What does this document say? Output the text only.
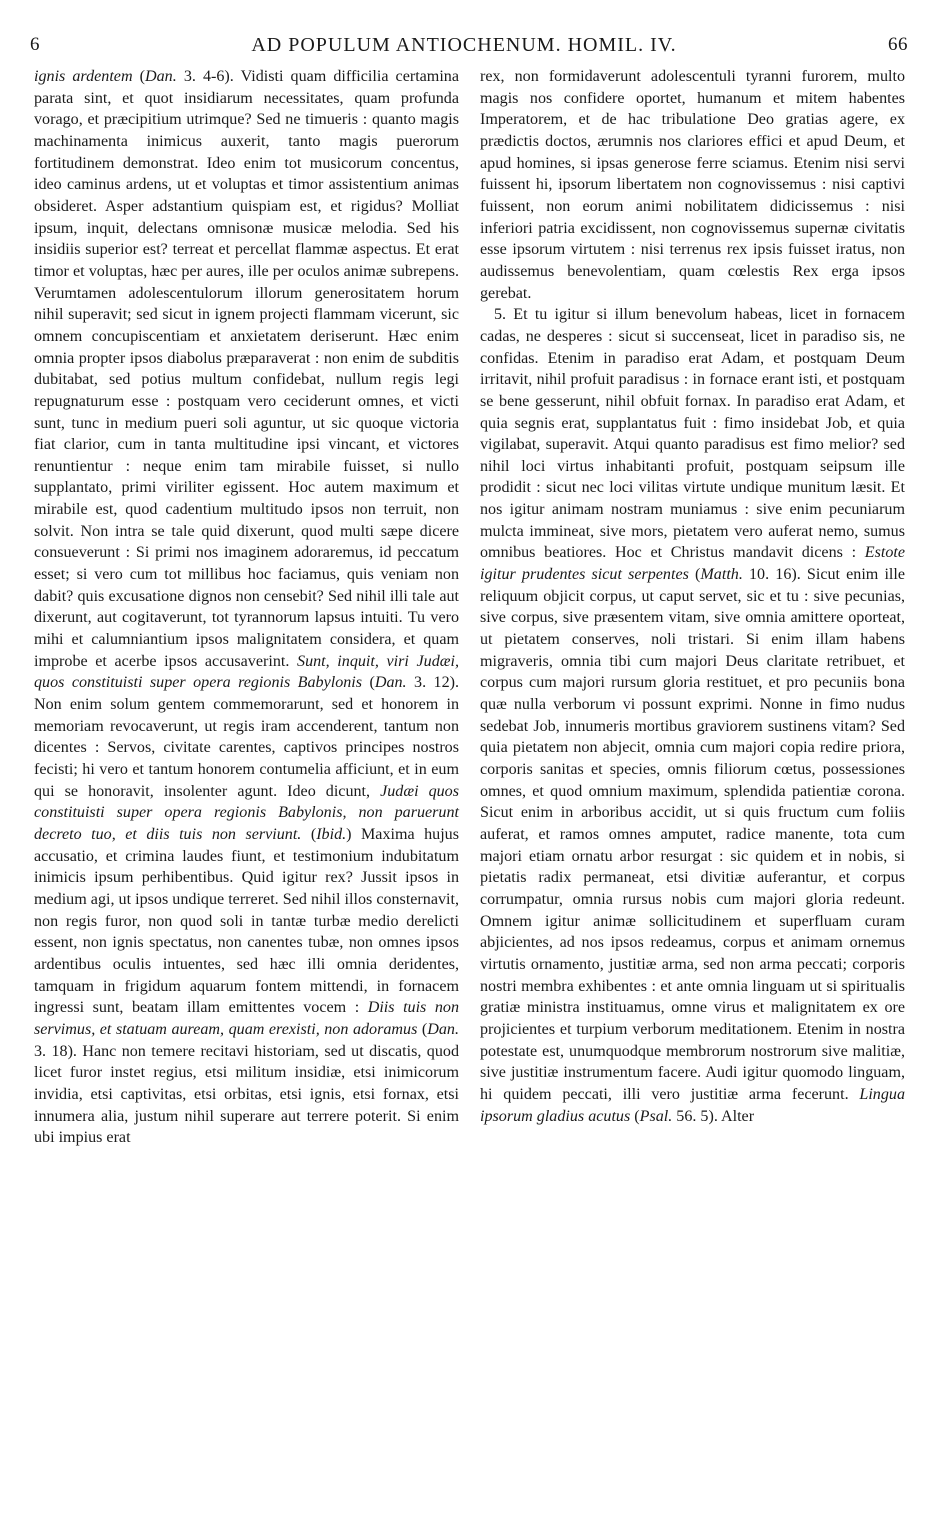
6	AD POPULUM ANTIOCHENUM. HOMIL. IV.	66

ignis ardentem (Dan. 3. 4-6). Vidisti quam difficilia certamina parata sint, et quot insidiarum necessitates, quam profunda vorago, et præcipitium utrimque? Sed ne timueris : quanto magis machinamenta inimicus auxerit, tanto magis puerorum fortitudinem demonstrat. Ideo enim tot musicorum concentus, ideo caminus ardens, ut et voluptas et timor assistentium animas obsideret. Asper adstantium quispiam est, et rigidus? Molliat ipsum, inquit, delectans omnisonæ musicæ melodia. Sed his insidiis superior est? terreat et percellat flammæ aspectus. Et erat timor et voluptas, hæc per aures, ille per oculos animæ subrepens. Verumtamen adolescentulorum illorum generositatem horum nihil superavit; sed sicut in ignem projecti flammam vicerunt, sic omnem concupiscentiam et anxietatem deriserunt. Hæc enim omnia propter ipsos diabolus præparaverat : non enim de subditis dubitabat, sed potius multum confidebat, nullum regis legi repugnaturum esse : postquam vero ceciderunt omnes, et victi sunt, tunc in medium pueri soli aguntur, ut sic quoque victoria fiat clarior, cum in tanta multitudine ipsi vincant, et victores renuntientur : neque enim tam mirabile fuisset, si nullo supplantato, primi viriliter egissent. Hoc autem maximum et mirabile est, quod cadentium multitudo ipsos non terruit, non solvit. Non intra se tale quid dixerunt, quod multi sæpe dicere consueverunt : Si primi nos imaginem adoraremus, id peccatum esset; si vero cum tot millibus hoc faciamus, quis veniam non dabit? quis excusatione dignos non censebit? Sed nihil illi tale aut dixerunt, aut cogitaverunt, tot tyrannorum lapsus intuiti. Tu vero mihi et calumniantium ipsos malignitatem considera, et quam improbe et acerbe ipsos accusaverint. Sunt, inquit, viri Judæi, quos constituisti super opera regionis Babylonis (Dan. 3. 12). Non enim solum gentem commemorarunt, sed et honorem in memoriam revocaverunt, ut regis iram accenderent, tantum non dicentes : Servos, civitate carentes, captivos principes nostros fecisti; hi vero et tantum honorem contumelia afficiunt, et in eum qui se honoravit, insolenter agunt. Ideo dicunt, Judæi quos constituisti super opera regionis Babylonis, non paruerunt decreto tuo, et diis tuis non serviunt. (Ibid.) Maxima hujus accusatio, et crimina laudes fiunt, et testimonium indubitatum inimicis ipsum perhibentibus. Quid igitur rex? Jussit ipsos in medium agi, ut ipsos undique terreret. Sed nihil illos consternavit, non regis furor, non quod soli in tantæ turbæ medio derelicti essent, non ignis spectatus, non canentes tubæ, non omnes ipsos ardentibus oculis intuentes, sed hæc illi omnia deridentes, tamquam in frigidum aquarum fontem mittendi, in fornacem ingressi sunt, beatam illam emittentes vocem : Diis tuis non servimus, et statuam auream, quam erexisti, non adoramus (Dan. 3. 18). Hanc non temere recitavi historiam, sed ut discatis, quod licet furor instet regius, etsi militum insidiæ, etsi inimicorum invidia, etsi captivitas, etsi orbitas, etsi ignis, etsi fornax, etsi innumera alia, justum nihil superare aut terrere poterit. Si enim ubi impius erat

rex, non formidaverunt adolescentuli tyranni furorem, multo magis nos confidere oportet, humanum et mitem habentes Imperatorem, et de hac tribulatione Deo gratias agere, ex prædictis doctos, ærumnis nos clariores effici et apud Deum, et apud homines, si ipsas generose ferre sciamus. Etenim nisi servi fuissent hi, ipsorum libertatem non cognovissemus : nisi captivi fuissent, non eorum animi nobilitatem didicissemus : nisi inferiori patria excidissent, non cognovissemus supernæ civitatis esse ipsorum virtutem : nisi terrenus rex ipsis fuisset iratus, non audissemus benevolentiam, quam cœlestis Rex erga ipsos gerebat.

5. Et tu igitur si illum benevolum habeas, licet in fornacem cadas, ne desperes : sicut si succenseat, licet in paradiso sis, ne confidas. Etenim in paradiso erat Adam, et postquam Deum irritavit, nihil profuit paradisus : in fornace erant isti, et postquam se bene gesserunt, nihil obfuit fornax. In paradiso erat Adam, et quia segnis erat, supplantatus fuit : fimo insidebat Job, et quia vigilabat, superavit. Atqui quanto paradisus est fimo melior? sed nihil loci virtus inhabitanti profuit, postquam seipsum ille prodidit : sicut nec loci vilitas virtute undique munitum læsit. Et nos igitur animam nostram muniamus : sive enim pecuniarum mulcta immineat, sive mors, pietatem vero auferat nemo, sumus omnibus beatiores. Hoc et Christus mandavit dicens : Estote igitur prudentes sicut serpentes (Matth. 10. 16). Sicut enim ille reliquum objicit corpus, ut caput servet, sic et tu : sive pecunias, sive corpus, sive præsentem vitam, sive omnia amittere oporteat, ut pietatem conserves, noli tristari. Si enim illam habens migraveris, omnia tibi cum majori Deus claritate retribuet, et corpus cum majori rursum gloria restituet, et pro pecuniis bona quæ nulla verborum vi possunt exprimi. Nonne in fimo nudus sedebat Job, innumeris mortibus graviorem sustinens vitam? Sed quia pietatem non abjecit, omnia cum majori copia redire priora, corporis sanitas et species, omnis filiorum cœtus, possessiones omnes, et quod omnium maximum, splendida patientiæ corona. Sicut enim in arboribus accidit, ut si quis fructum cum foliis auferat, et ramos omnes amputet, radice manente, tota cum majori etiam ornatu arbor resurgat : sic quidem et in nobis, si pietatis radix permaneat, etsi divitiæ auferantur, et corpus corrumpatur, omnia rursus nobis cum majori gloria redeunt. Omnem igitur animæ sollicitudinem et superfluam curam abjicientes, ad nos ipsos redeamus, corpus et animam ornemus virtutis ornamento, justitiæ arma, sed non arma peccati; corporis nostri membra exhibentes : et ante omnia linguam ut si spiritualis gratiæ ministra instituamus, omne virus et malignitatem ex ore projicientes et turpium verborum meditationem. Etenim in nostra potestate est, unumquodque membrorum nostrorum sive malitiæ, sive justitiæ instrumentum facere. Audi igitur quomodo linguam, hi quidem peccati, illi vero justitiæ arma fecerunt. Lingua ipsorum gladius acutus (Psal. 56. 5). Alter
